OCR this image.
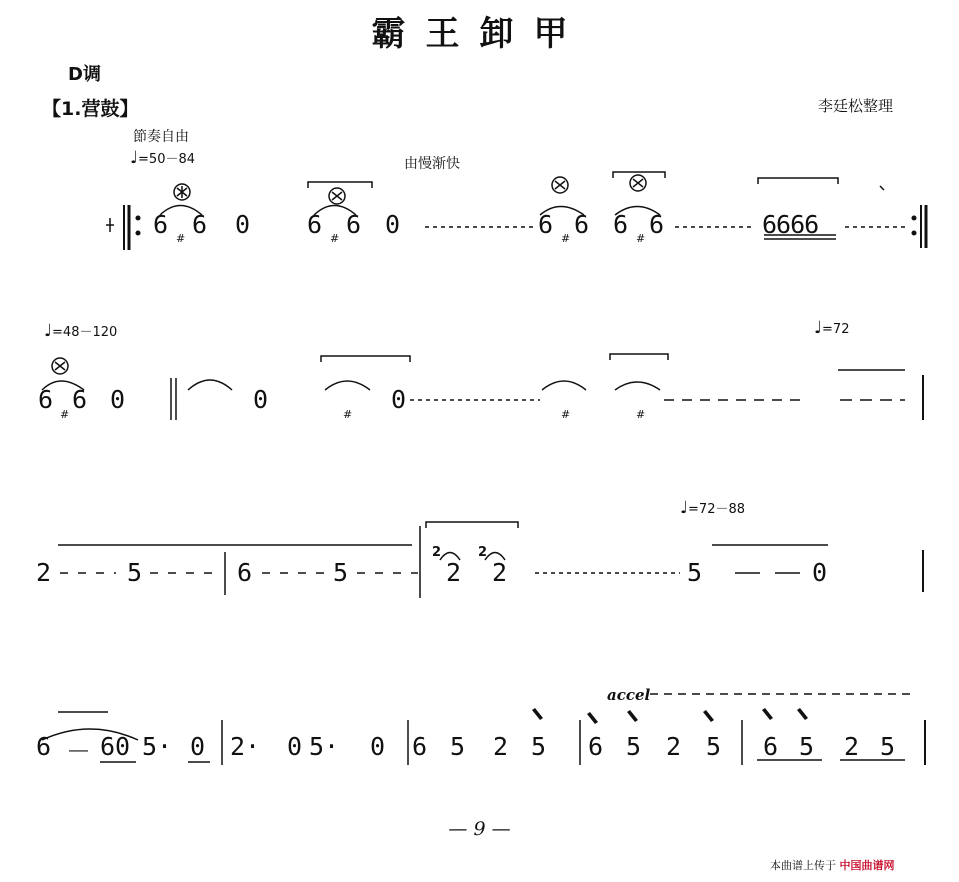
霸王卸甲
D调
【1.营鼓】	李廷松整理
節奏自由
♩=50－84	由慢渐快
♩=48－120	♩=72
♩=72－88
accel
6 # 6 0 6 # 6 0	6 # 6 6 # 6	6666
6
#
6 0	0	0
#	#	#
2	5	6	5
2
2
2
2	5	0
6 － 60 5· 0 2· 0 5· 0 6 5 2 5 6 5 2 5 6 5 2 5
— 9 —
本曲谱上传于 中国曲谱网
